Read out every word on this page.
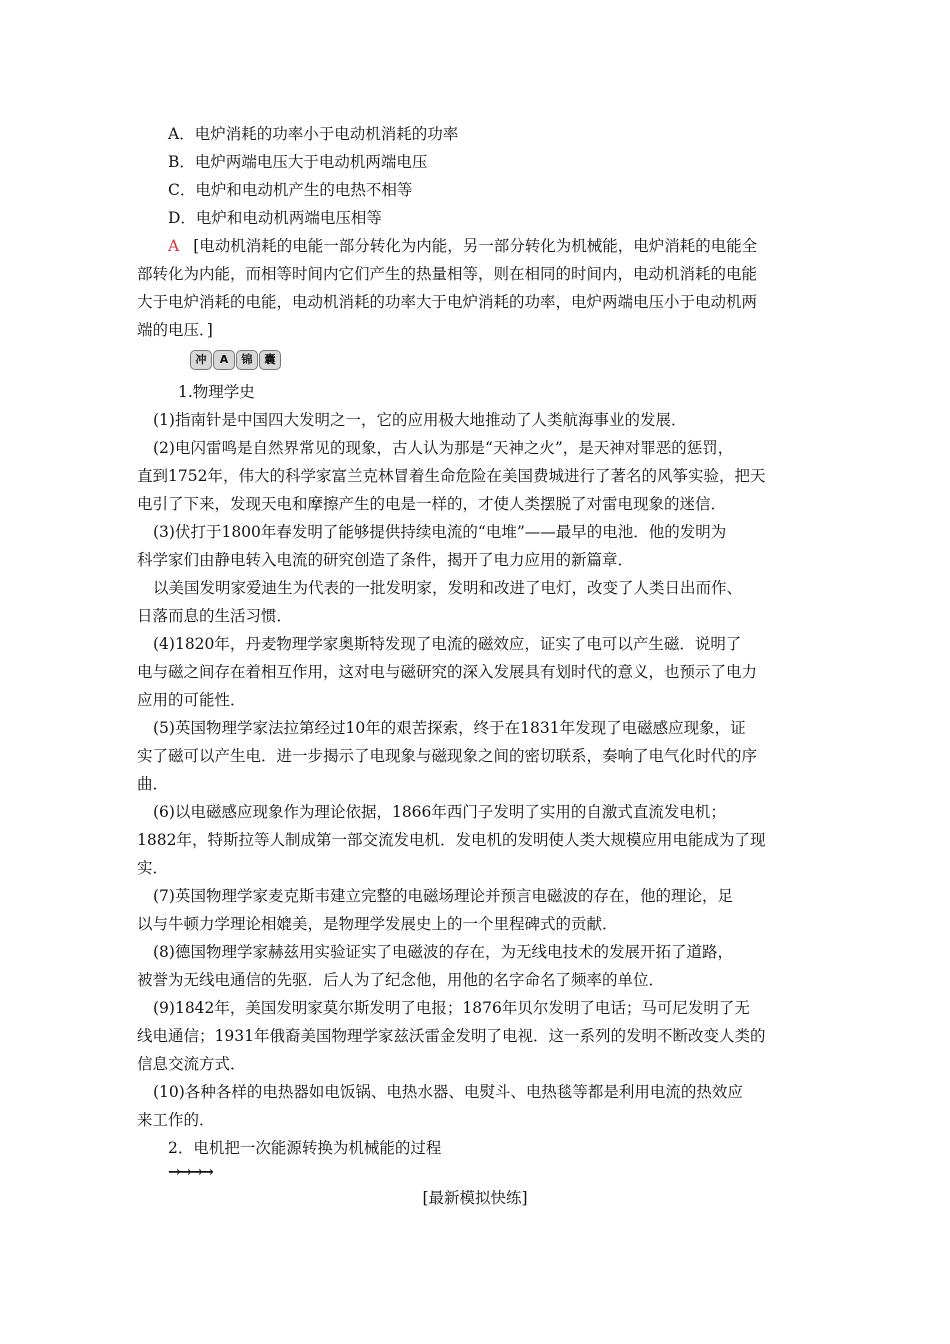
A．电炉消耗的功率小于电动机消耗的功率
B．电炉两端电压大于电动机两端电压
C．电炉和电动机产生的电热不相等
D．电炉和电动机两端电压相等
A [电动机消耗的电能一部分转化为内能，另一部分转化为机械能，电炉消耗的电能全
部转化为内能，而相等时间内它们产生的热量相等，则在相同的时间内，电动机消耗的电能
大于电炉消耗的电能，电动机消耗的功率大于电炉消耗的功率，电炉两端电压小于电动机两
端的电压．]
冲	A	锦	囊
1.物理学史
(1)指南针是中国四大发明之一，它的应用极大地推动了人类航海事业的发展．
(2)电闪雷鸣是自然界常见的现象，古人认为那是“天神之火”，是天神对罪恶的惩罚，
直到1752年，伟大的科学家富兰克林冒着生命危险在美国费城进行了著名的风筝实验，把天
电引了下来，发现天电和摩擦产生的电是一样的，才使人类摆脱了对雷电现象的迷信．
(3)伏打于1800年春发明了能够提供持续电流的“电堆”——最早的电池．他的发明为
科学家们由静电转入电流的研究创造了条件，揭开了电力应用的新篇章．
以美国发明家爱迪生为代表的一批发明家，发明和改进了电灯，改变了人类日出而作、
日落而息的生活习惯．
(4)1820年，丹麦物理学家奥斯特发现了电流的磁效应，证实了电可以产生磁．说明了
电与磁之间存在着相互作用，这对电与磁研究的深入发展具有划时代的意义，也预示了电力
应用的可能性．
(5)英国物理学家法拉第经过10年的艰苦探索，终于在1831年发现了电磁感应现象，证
实了磁可以产生电．进一步揭示了电现象与磁现象之间的密切联系，奏响了电气化时代的序
曲．
(6)以电磁感应现象作为理论依据，1866年西门子发明了实用的自激式直流发电机；
1882年，特斯拉等人制成第一部交流发电机．发电机的发明使人类大规模应用电能成为了现
实．
(7)英国物理学家麦克斯韦建立完整的电磁场理论并预言电磁波的存在，他的理论，足
以与牛顿力学理论相媲美，是物理学发展史上的一个里程碑式的贡献．
(8)德国物理学家赫兹用实验证实了电磁波的存在，为无线电技术的发展开拓了道路，
被誉为无线电通信的先驱．后人为了纪念他，用他的名字命名了频率的单位．
(9)1842年，美国发明家莫尔斯发明了电报；1876年贝尔发明了电话；马可尼发明了无
线电通信；1931年俄裔美国物理学家兹沃雷金发明了电视．这一系列的发明不断改变人类的
信息交流方式．
(10)各种各样的电热器如电饭锅、电热水器、电熨斗、电热毯等都是利用电流的热效应
来工作的．
2．电机把一次能源转换为机械能的过程
→→→→
[最新模拟快练]
